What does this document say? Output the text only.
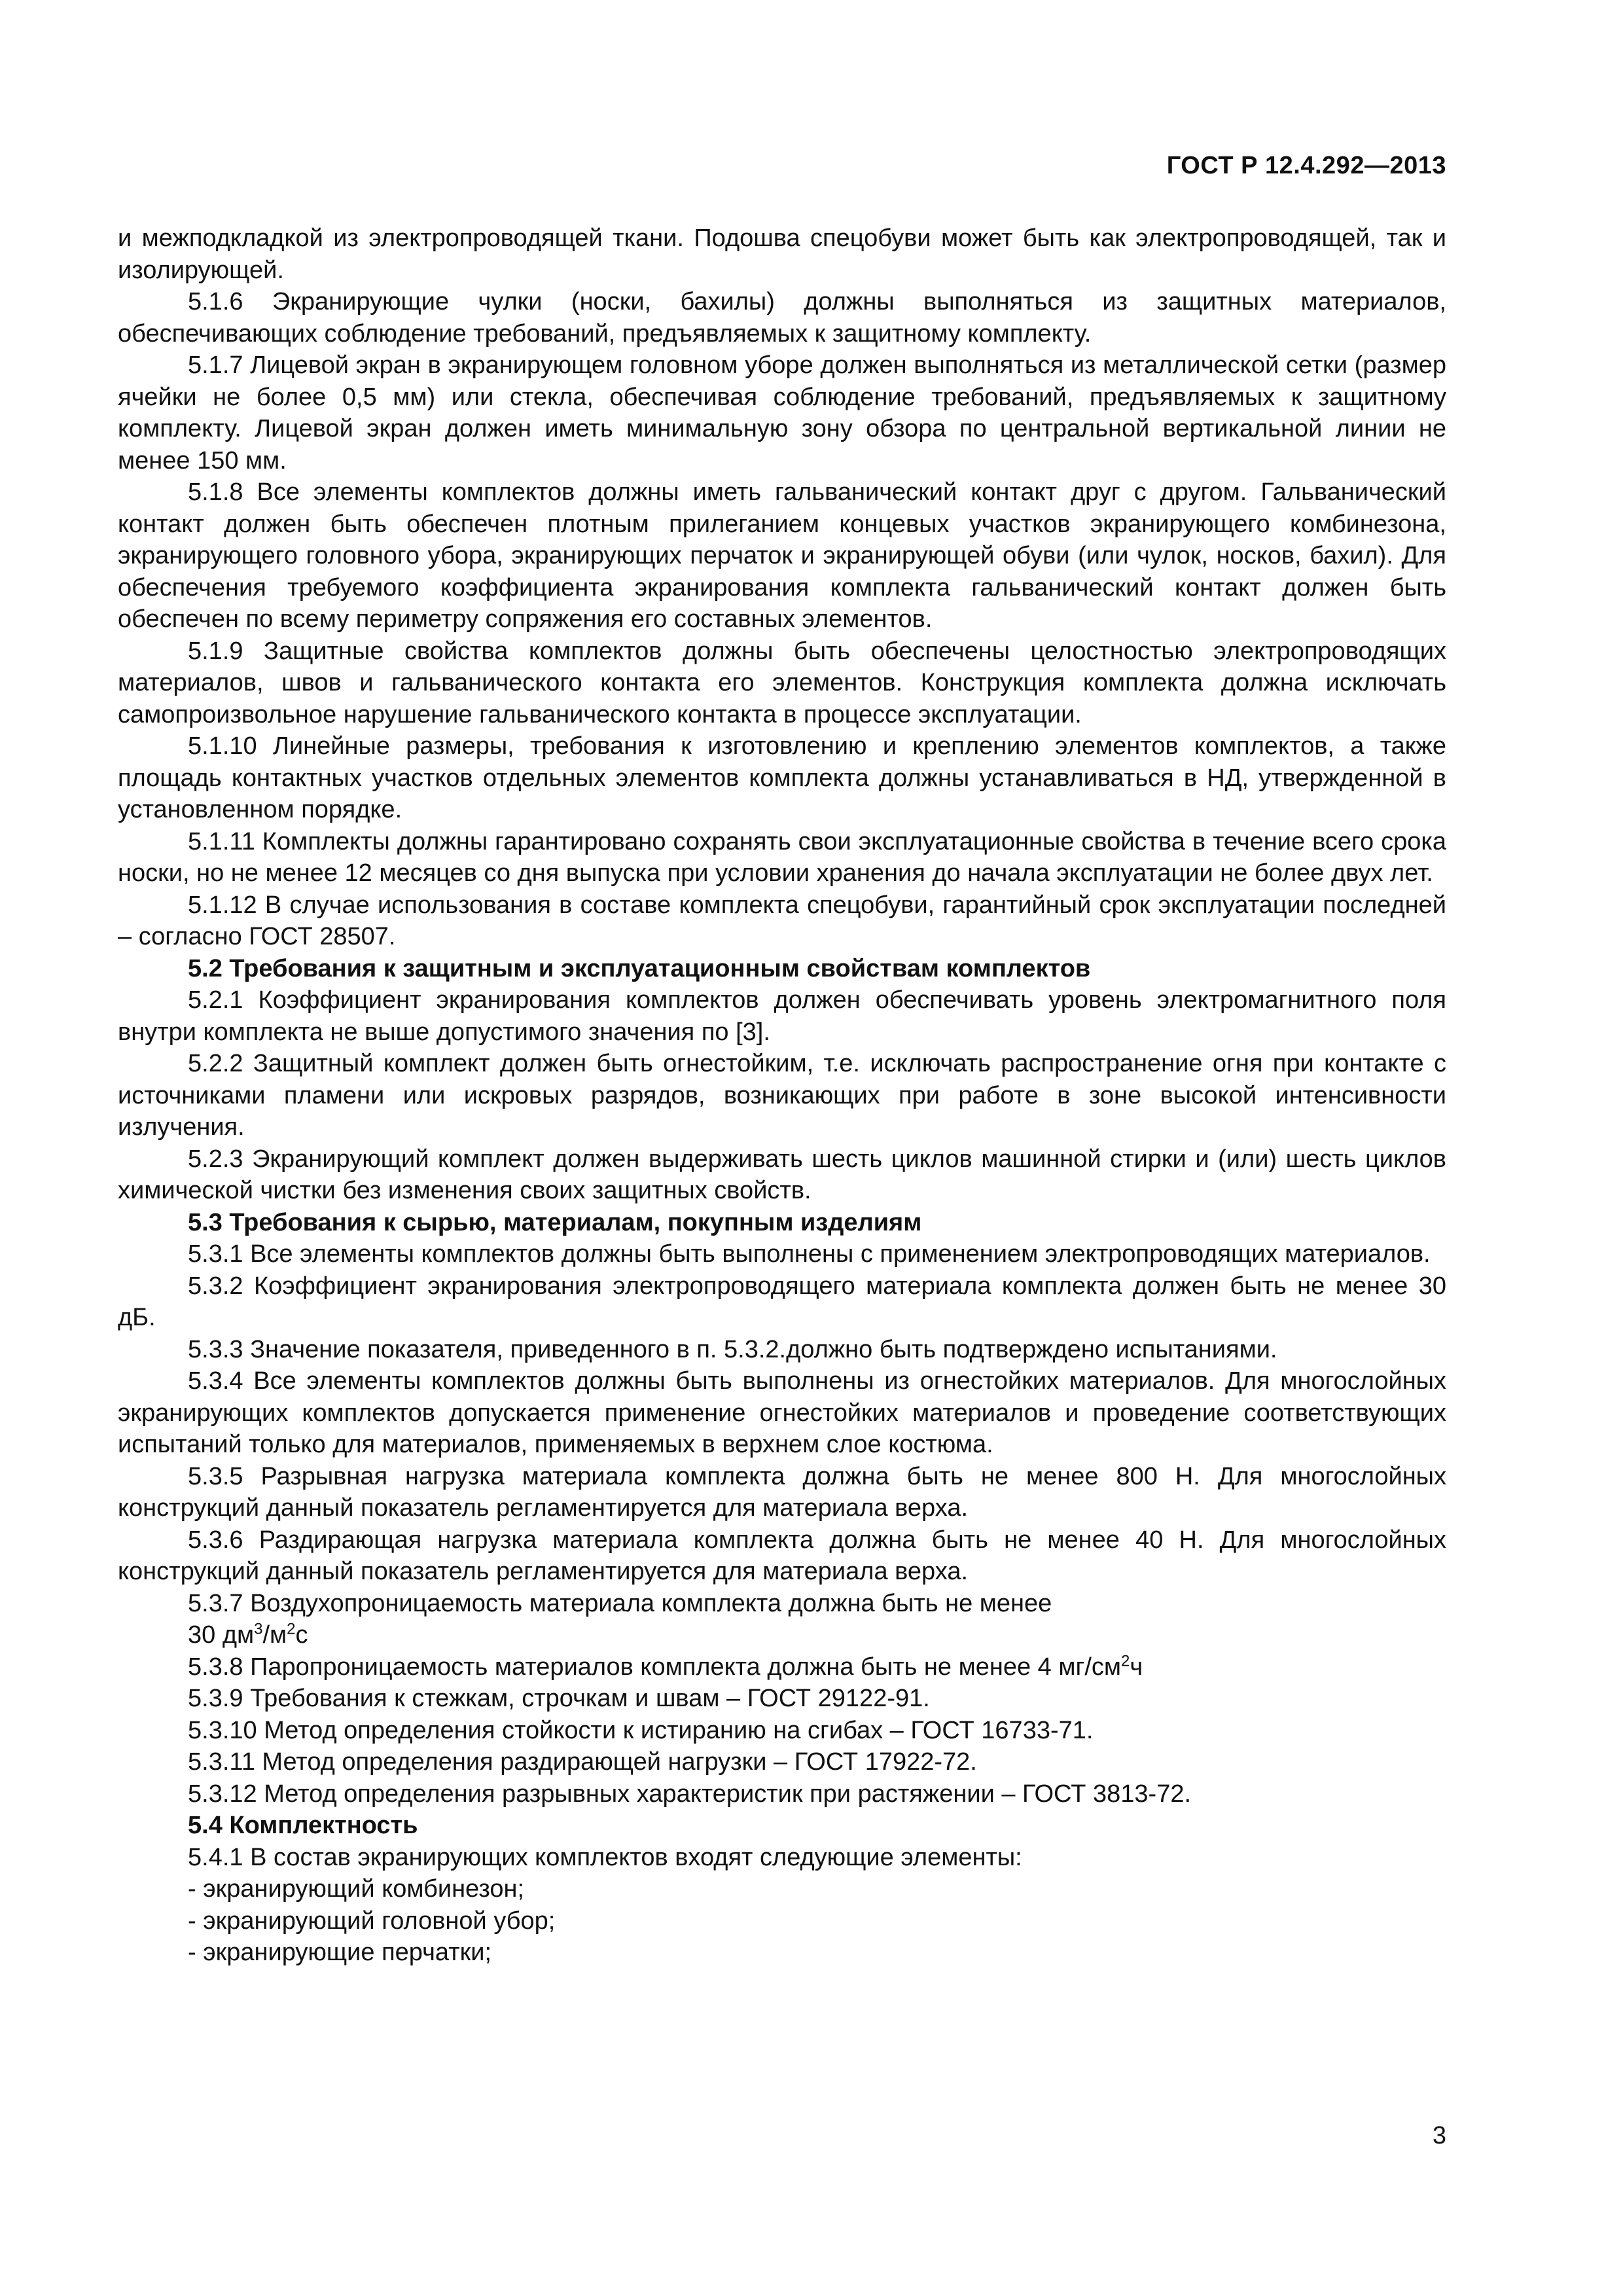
ГОСТ Р 12.4.292—2013

и межподкладкой из электропроводящей ткани. Подошва спецобуви может быть как электропроводящей, так и изолирующей.

5.1.6 Экранирующие чулки (носки, бахилы) должны выполняться из защитных материалов, обеспечивающих соблюдение требований, предъявляемых к защитному комплекту.

5.1.7 Лицевой экран в экранирующем головном уборе должен выполняться из металлической сетки (размер ячейки не более 0,5 мм) или стекла, обеспечивая соблюдение требований, предъявляемых к защитному комплекту. Лицевой экран должен иметь минимальную зону обзора по центральной вертикальной линии не менее 150 мм.

5.1.8 Все элементы комплектов должны иметь гальванический контакт друг с другом. Гальванический контакт должен быть обеспечен плотным прилеганием концевых участков экранирующего комбинезона, экранирующего головного убора, экранирующих перчаток и экранирующей обуви (или чулок, носков, бахил). Для обеспечения требуемого коэффициента экранирования комплекта гальванический контакт должен быть обеспечен по всему периметру сопряжения его составных элементов.

5.1.9 Защитные свойства комплектов должны быть обеспечены целостностью электропроводящих материалов, швов и гальванического контакта его элементов. Конструкция комплекта должна исключать самопроизвольное нарушение гальванического контакта в процессе эксплуатации.

5.1.10 Линейные размеры, требования к изготовлению и креплению элементов комплектов, а также площадь контактных участков отдельных элементов комплекта должны устанавливаться в НД, утвержденной в установленном порядке.

5.1.11 Комплекты должны гарантировано сохранять свои эксплуатационные свойства в течение всего срока носки, но не менее 12 месяцев со дня выпуска при условии хранения до начала эксплуатации не более двух лет.

5.1.12 В случае использования в составе комплекта спецобуви, гарантийный срок эксплуатации последней – согласно ГОСТ 28507.

5.2 Требования к защитным и эксплуатационным свойствам комплектов

5.2.1 Коэффициент экранирования комплектов должен обеспечивать уровень электромагнитного поля внутри комплекта не выше допустимого значения по [3].

5.2.2 Защитный комплект должен быть огнестойким, т.е. исключать распространение огня при контакте с источниками пламени или искровых разрядов, возникающих при работе в зоне высокой интенсивности излучения.

5.2.3 Экранирующий комплект должен выдерживать шесть циклов машинной стирки и (или) шесть циклов химической чистки без изменения своих защитных свойств.

5.3 Требования к сырью, материалам, покупным изделиям

5.3.1 Все элементы комплектов должны быть выполнены с применением электропроводящих материалов.

5.3.2 Коэффициент экранирования электропроводящего материала комплекта должен быть не менее 30 дБ.

5.3.3 Значение показателя, приведенного в п. 5.3.2.должно быть подтверждено испытаниями.

5.3.4 Все элементы комплектов должны быть выполнены из огнестойких материалов. Для многослойных экранирующих комплектов допускается применение огнестойких материалов и проведение соответствующих испытаний только для материалов, применяемых в верхнем слое костюма.

5.3.5 Разрывная нагрузка материала комплекта должна быть не менее 800 Н. Для многослойных конструкций данный показатель регламентируется для материала верха.

5.3.6 Раздирающая нагрузка материала комплекта должна быть не менее 40 Н. Для многослойных конструкций данный показатель регламентируется для материала верха.

5.3.7 Воздухопроницаемость материала комплекта должна быть не менее

30 $дм^3/м^2с$

5.3.8 Паропроницаемость материалов комплекта должна быть не менее 4 $мг/см^2ч$

5.3.9 Требования к стежкам, строчкам и швам – ГОСТ 29122-91.

5.3.10 Метод определения стойкости к истиранию на сгибах – ГОСТ 16733-71.

5.3.11 Метод определения раздирающей нагрузки – ГОСТ 17922-72.

5.3.12 Метод определения разрывных характеристик при растяжении – ГОСТ 3813-72.

5.4 Комплектность

5.4.1 В состав экранирующих комплектов входят следующие элементы:

- экранирующий комбинезон;

- экранирующий головной убор;

- экранирующие перчатки;

3
